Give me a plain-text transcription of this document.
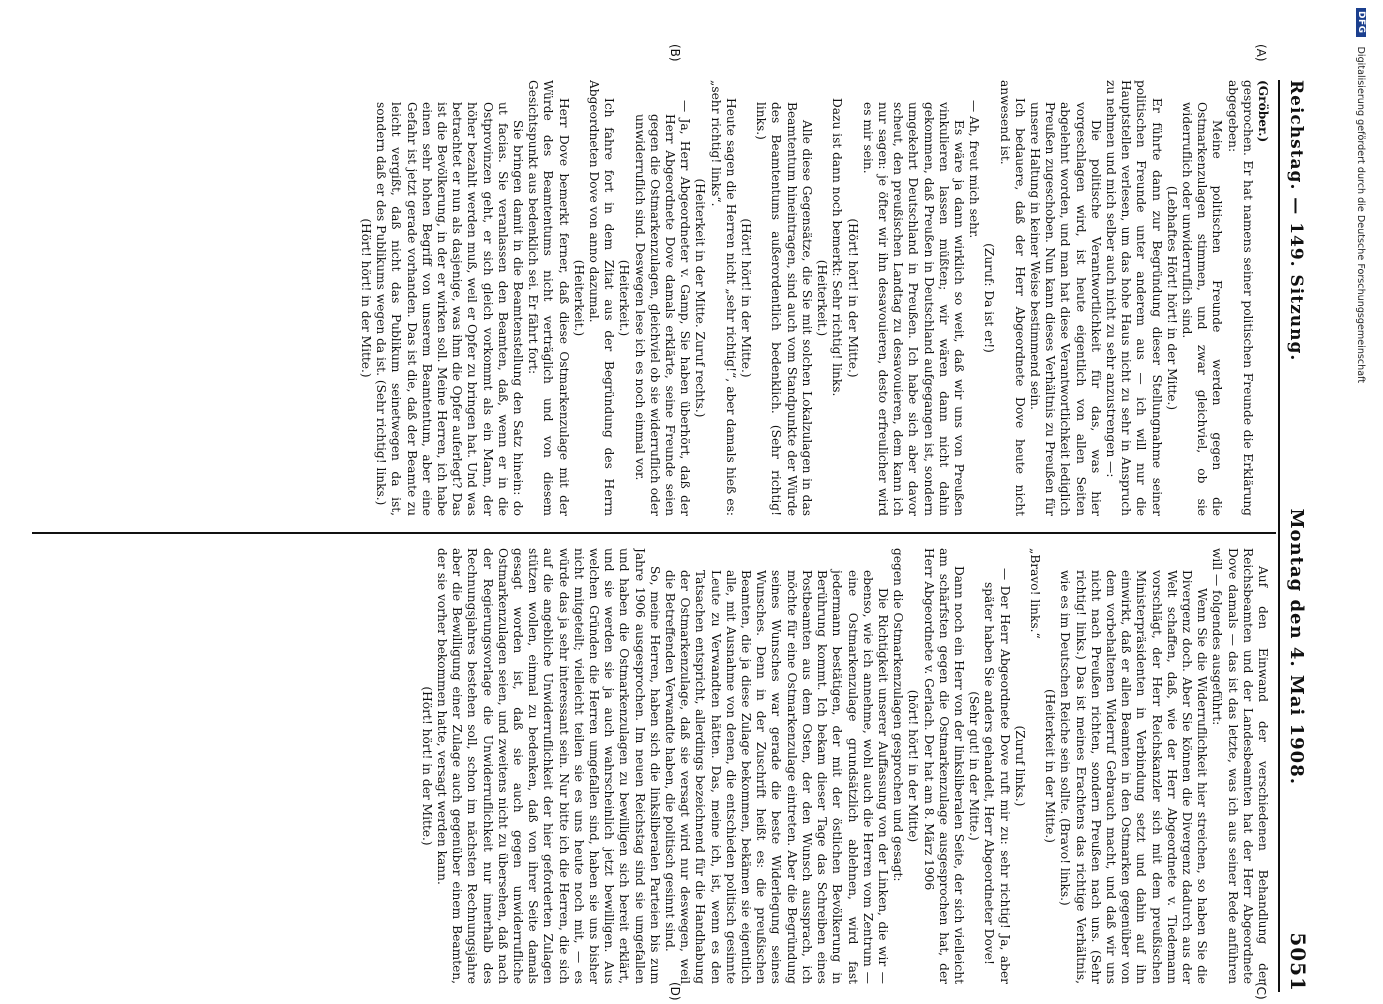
Reichstag. — 149. Sitzung.
Montag den 4. Mai 1908.
5051
(A)
(B)
(C)
(D)

(Gröber.)

gesprochen. Er hat namens seiner politischen Freunde die Erklärung abgegeben:

Meine politischen Freunde werden gegen die Ostmarkenzulagen stimmen, und zwar gleichviel, ob sie widerruflich oder unwiderruflich sind.

(Lebhaftes Hört! hört! in der Mitte.)

Er führte dann zur Begründung dieser Stellungnahme seiner politischen Freunde unter anderem aus — ich will nur die Hauptstellen verlesen, um das hohe Haus nicht zu sehr in Anspruch zu nehmen und mich selber auch nicht zu sehr anzustrengen —:

Die politische Verantwortlichkeit für das, was hier vorgeschlagen wird, ist heute eigentlich von allen Seiten abgelehnt worden, und man hat diese Verantwortlichkeit lediglich Preußen zugeschoben. Nun kann dieses Verhältnis zu Preußen für unsere Haltung in keiner Weise bestimmend sein.

Ich bedauere, daß der Herr Abgeordnete Dove heute nicht anwesend ist.

(Zuruf: Da ist er!)

— Ah, freut mich sehr.

Es wäre ja dann wirklich so weit, daß wir uns von Preußen vinkulieren lassen müßten; wir wären dann nicht dahin gekommen, daß Preußen in Deutschland aufgegangen ist, sondern umgekehrt Deutschland in Preußen. Ich habe sich aber davor scheut, den preußischen Landtag zu desavouieren, dem kann ich nur sagen: je öfter wir ihn desavouieren, desto erfreulicher wird es mir sein.

(Hört! hört! in der Mitte.)

Dazu ist dann noch bemerkt: Sehr richtig! links.

(Heiterkeit.)

Alle diese Gegensätze, die Sie mit solchen Lokalzulagen in das Beamtentum hineintragen, sind auch vom Standpunkte der Würde des Beamtentums außerordentlich bedenklich. (Sehr richtig! links.)

(Hört! hört! in der Mitte.)

Heute sagen die Herren nicht „sehr richtig!“, aber damals hieß es: „sehr richtig! links“.

(Heiterkeit in der Mitte. Zuruf rechts.)

— Ja, Herr Abgeordneter v. Gamp, Sie haben überhört, daß der Herr Abgeordnete Dove damals erklärte, seine Freunde seien gegen die Ostmarkenzulagen, gleichviel ob sie widerruflich oder unwiderruflich sind. Deswegen lese ich es noch einmal vor.

(Heiterkeit.)

Ich fahre fort in dem Zitat aus der Begründung des Herrn Abgeordneten Dove von anno dazumal.

(Heiterkeit.)

Herr Dove bemerkt ferner, daß diese Ostmarkenzulage mit der Würde des Beamtentums nicht verträglich und von diesem Gesichtspunkt aus bedenklich sei. Er fährt fort:

Sie bringen damit in die Beamtenstellung den Satz hinein: do ut facias. Sie veranlassen den Beamten, daß, wenn er in die Ostprovinzen geht, er sich gleich vorkommt als ein Mann, der höher bezahlt werden muß, weil er Opfer zu bringen hat. Und was betrachtet er nun als dasjenige, was ihm die Opfer auferlegt? Das ist die Bevölkerung, in der er wirken soll. Meine Herren, ich habe einen sehr hohen Begriff von unserem Beamtentum, aber eine Gefahr ist jetzt gerade vorhanden. Das ist die, daß der Beamte zu leicht vergißt, daß nicht das Publikum seinetwegen da ist, sondern daß er des Publikums wegen da ist. (Sehr richtig! links.)

(Hört! hört! in der Mitte.)

Auf den Einwand der verschiedenen Behandlung der Reichsbeamten und der Landesbeamten hat der Herr Abgeordnete Dove damals — das ist das letzte, was ich aus seiner Rede anführen will — folgendes ausgeführt:

Wenn Sie die Widerruflichkeit hier streichen, so haben Sie die Divergenz doch. Aber Sie können die Divergenz dadurch aus der Welt schaffen, daß, wie der Herr Abgeordnete v. Tiedemann vorschlägt, der Herr Reichskanzler sich mit dem preußischen Ministerpräsidenten in Verbindung setzt und dahin auf ihn einwirkt, daß er allen Beamten in den Ostmarken gegenüber von dem vorbehaltenen Widerruf Gebrauch macht, und daß wir uns nicht nach Preußen richten, sondern Preußen nach uns. (Sehr richtig! links.) Das ist meines Erachtens das richtige Verhältnis, wie es im Deutschen Reiche sein sollte. (Bravo! links.)

(Heiterkeit in der Mitte.)

„Bravo! links.“

(Zuruf links.)

— Der Herr Abgeordnete Dove ruft mir zu: sehr richtig! Ja, aber später haben Sie anders gehandelt, Herr Abgeordneter Dove!

(Sehr gut! in der Mitte.)

Dann noch ein Herr von der linksliberalen Seite, der sich vielleicht am schärfsten gegen die Ostmarkenzulage ausgesprochen hat, der Herr Abgeordnete v. Gerlach. Der hat am 8. März 1906

(hört! hört! in der Mitte)

gegen die Ostmarkenzulagen gesprochen und gesagt:

Die Richtigkeit unserer Auffassung von der Linken, die wir — ebenso, wie ich annehme, wohl auch die Herren vom Zentrum — eine Ostmarkenzulage grundsätzlich ablehnen, wird fast jedermann bestätigen, der mit der östlichen Bevölkerung in Berührung kommt. Ich bekam dieser Tage das Schreiben eines Postbeamten aus dem Osten, der den Wunsch aussprach, ich möchte für eine Ostmarkenzulage eintreten. Aber die Begründung seines Wunsches war gerade die beste Widerlegung seines Wunsches. Denn in der Zuschrift heißt es: die preußischen Beamten, die ja diese Zulage bekommen, bekämen sie eigentlich alle, mit Ausnahme von denen, die entschieden politisch gesinnte Leute zu Verwandten hätten. Das, meine ich, ist, wenn es den Tatsachen entspricht, allerdings bezeichnend für die Handhabung der Ostmarkenzulage, daß sie versagt wird nur deswegen, weil die Betreffenden Verwandte haben, die politisch gesinnt sind.

So, meine Herren, haben sich die linksliberalen Parteien bis zum Jahre 1906 ausgesprochen. Im neuen Reichstag sind sie umgefallen und haben die Ostmarkenzulagen zu bewilligen sich bereit erklärt, und sie werden sie ja auch wahrscheinlich jetzt bewilligen. Aus welchen Gründen die Herren umgefallen sind, haben sie uns bisher nicht mitgeteilt; vielleicht teilen sie es uns heute noch mit, — es würde das ja sehr interessant sein. Nur bitte ich die Herren, die sich auf die angebliche Unwiderruflichkeit der hier geforderten Zulagen stützen wollen, einmal zu bedenken, daß von ihrer Seite damals gesagt worden ist, daß sie auch gegen unwiderrufliche Ostmarkenzulagen seien, und zweitens nicht zu übersehen, daß nach der Regierungsvorlage die Unwiderruflichkeit nur innerhalb des Rechnungsjahres bestehen soll, schon im nächsten Rechnungsjahre aber die Bewilligung einer Zulage auch gegenüber einem Beamten, der sie vorher bekommen hatte, versagt werden kann.

(Hört! hört! in der Mitte.)

DFG
Digitalisierung gefördert durch die Deutsche Forschungsgemeinschaft
